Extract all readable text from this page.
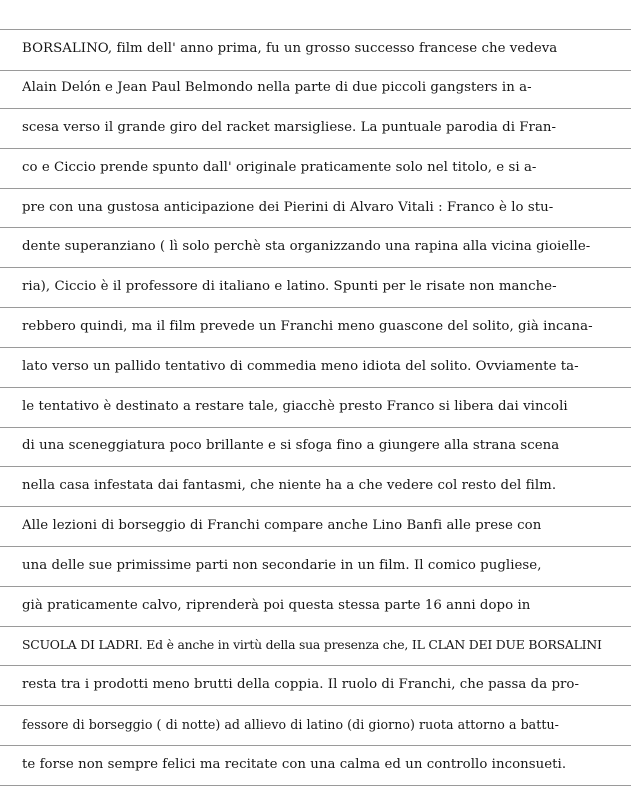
BORSALINO, film dell' anno prima, fu un grosso successo francese che vedeva
Alain Delón e Jean Paul Belmondo nella parte di due piccoli gangsters in a-
scesa verso il grande giro del racket marsigliese. La puntuale parodia di Fran-
co e Ciccio prende spunto dall' originale praticamente solo nel titolo, e si a-
pre con una gustosa anticipazione dei Pierini di Alvaro Vitali : Franco è lo stu-
dente superanziano ( lì solo perchè sta organizzando una rapina alla vicina gioielle-
ria), Ciccio è il professore di italiano e latino. Spunti per le risate non manche-
rebbero quindi, ma il film prevede un Franchi meno guascone del solito, già incana-
lato verso un pallido tentativo di commedia meno idiota del solito. Ovviamente ta-
le tentativo è destinato a restare tale, giacchè presto Franco si libera dai vincoli
di una sceneggiatura poco brillante e si sfoga fino a giungere alla strana scena
nella casa infestata dai fantasmi, che niente ha a che vedere col resto del film.
Alle lezioni di borseggio di Franchi compare anche Lino Banfi alle prese con
una delle sue primissime parti non secondarie in un film. Il comico pugliese,
già praticamente calvo, riprenderà poi questa stessa parte 16 anni dopo in
SCUOLA DI LADRI. Ed è anche in virtù della sua presenza che, IL CLAN DEI DUE BORSALINI
resta tra i prodotti meno brutti della coppia. Il ruolo di Franchi, che passa da pro-
fessore di borseggio ( di notte) ad allievo di latino (di giorno) ruota attorno a battu-
te forse non sempre felici ma recitate con una calma ed un controllo inconsueti.
